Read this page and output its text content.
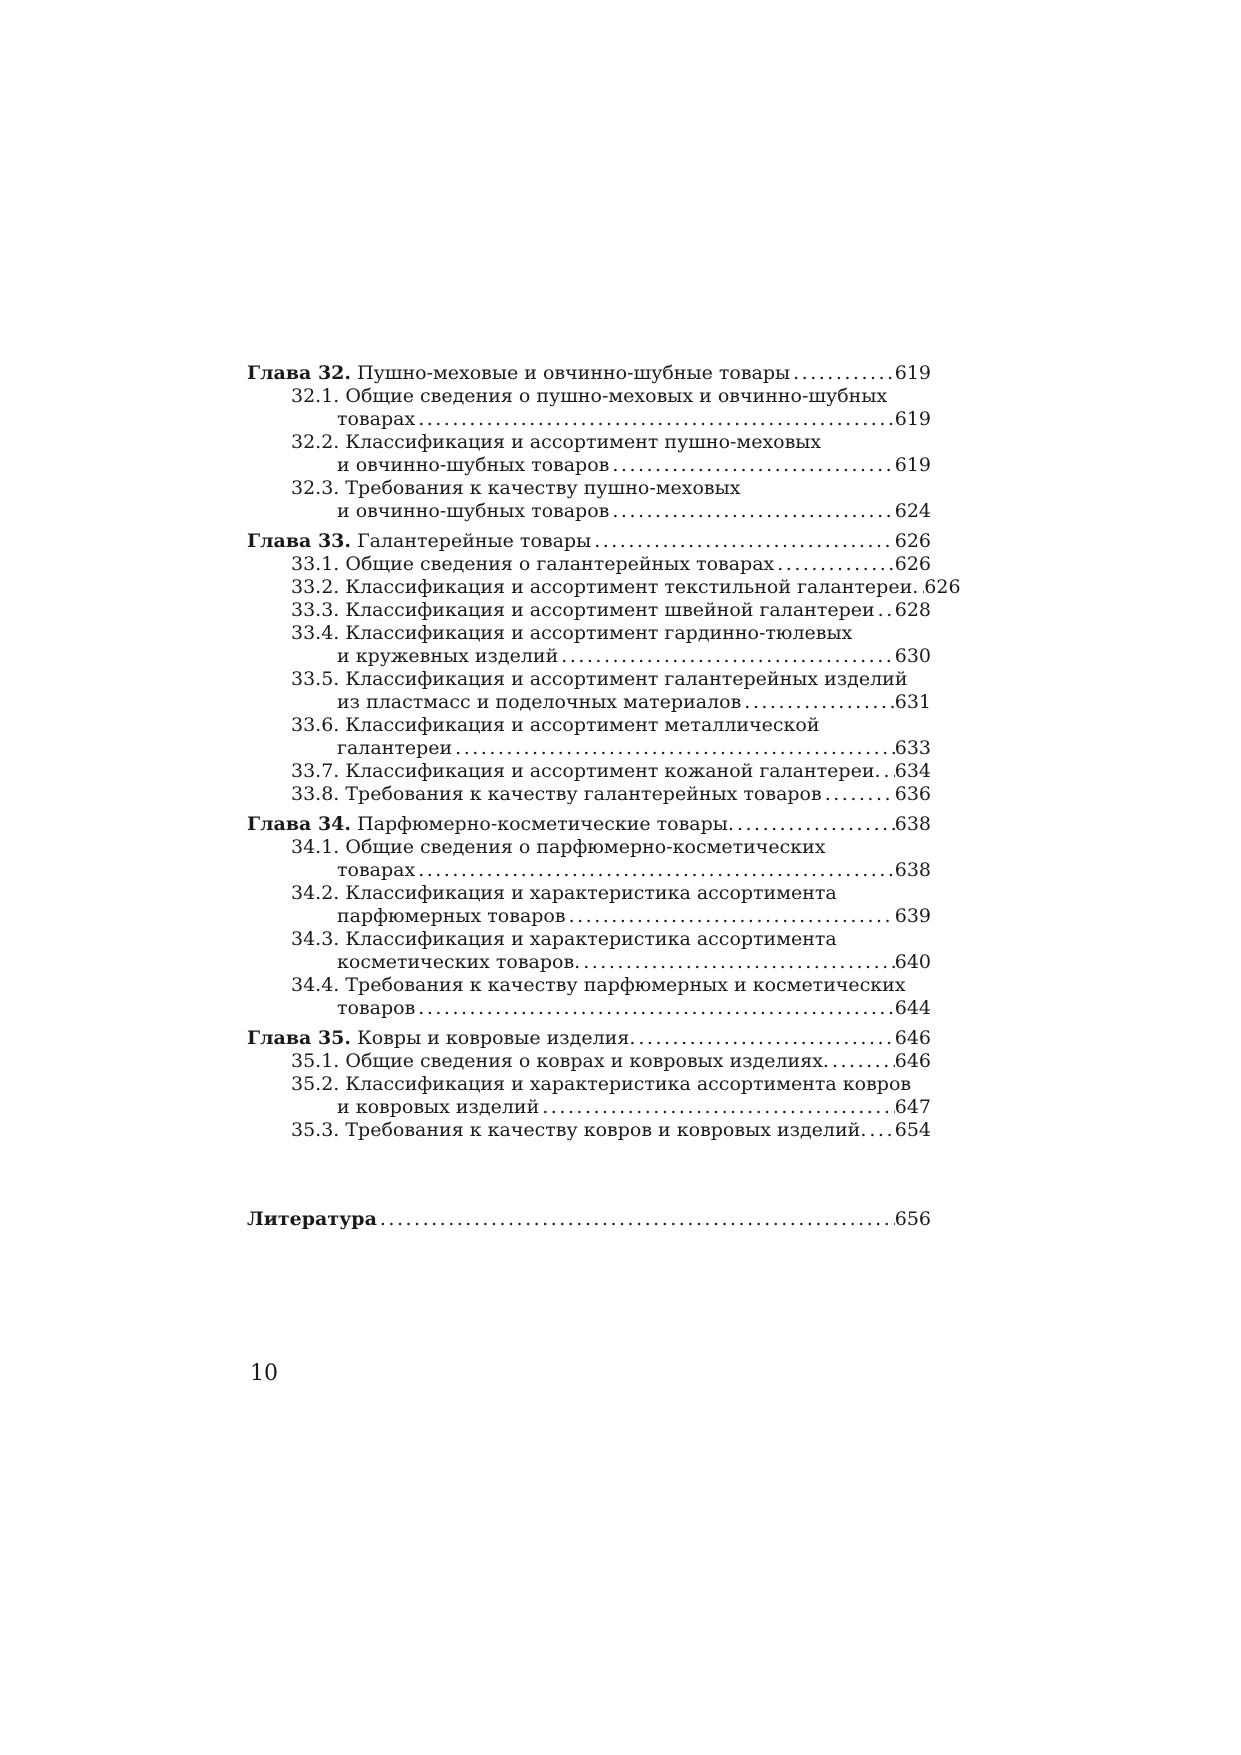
Глава 32. Пушно-меховые и овчинно-шубные товары .....	619
32.1. Общие сведения о пушно-меховых и овчинно-шубных
товарах .....	619
32.2. Классификация и ассортимент пушно-меховых
и овчинно-шубных товаров .....	619
32.3. Требования к качеству пушно-меховых
и овчинно-шубных товаров .....	624
Глава 33. Галантерейные товары .....	626
33.1. Общие сведения о галантерейных товарах .....	626
33.2. Классификация и ассортимент текстильной галантереи. ..... 626
33.3. Классификация и ассортимент швейной галантереи ..... 628
33.4. Классификация и ассортимент гардинно-тюлевых
и кружевных изделий .....	630
33.5. Классификация и ассортимент галантерейных изделий
из пластмасс и поделочных материалов .....	631
33.6. Классификация и ассортимент металлической
галантереи .....	633
33.7. Классификация и ассортимент кожаной галантереи. ..... 634
33.8. Требования к качеству галантерейных товаров .....	636
Глава 34. Парфюмерно-косметические товары. .....	638
34.1. Общие сведения о парфюмерно-косметических
товарах .....	638
34.2. Классификация и характеристика ассортимента
парфюмерных товаров .....	639
34.3. Классификация и характеристика ассортимента
косметических товаров. .....	640
34.4. Требования к качеству парфюмерных и косметических
товаров .....	644
Глава 35. Ковры и ковровые изделия. .....	646
35.1. Общие сведения о коврах и ковровых изделиях. .....	646
35.2. Классификация и характеристика ассортимента ковров
и ковровых изделий .....	647
35.3. Требования к качеству ковров и ковровых изделий. ..... 654
Литература .....	656
10
